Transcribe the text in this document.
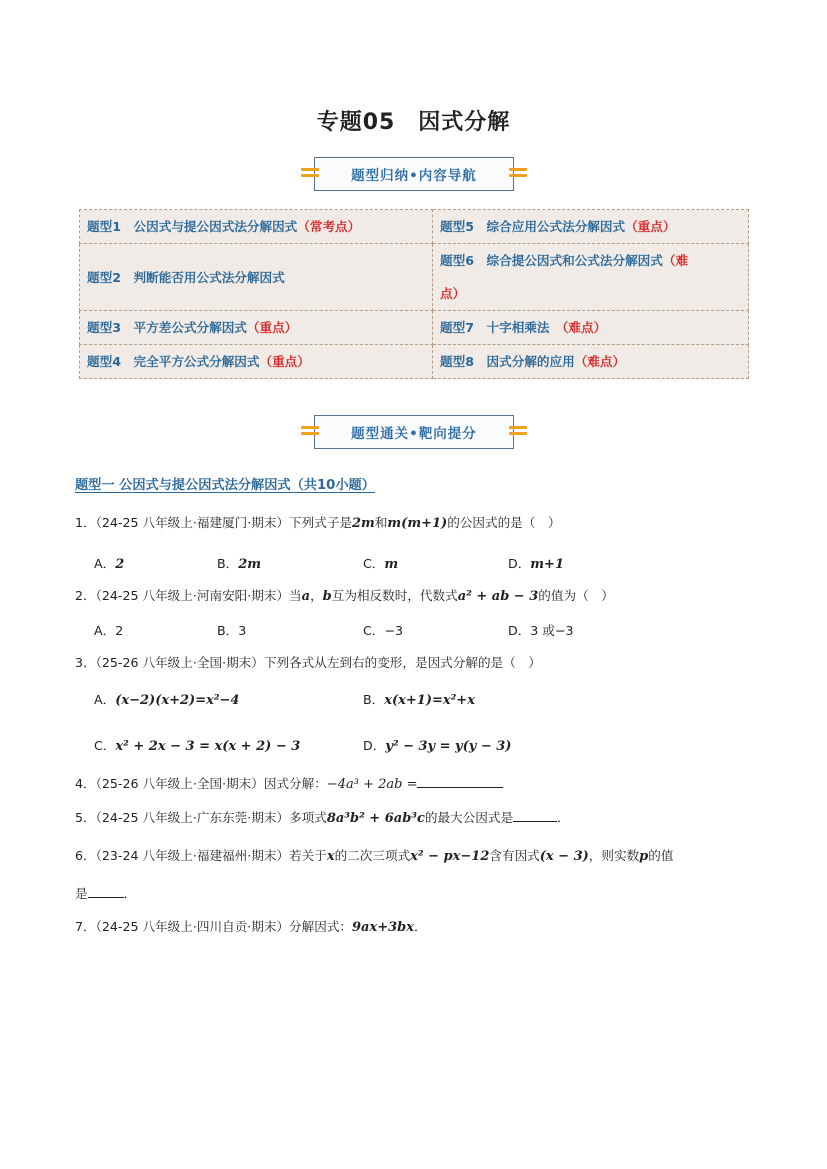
专题05　因式分解
题型归纳•内容导航
题型1　公因式与提公因式法分解因式（常考点）	题型5　综合应用公式法分解因式（重点）
题型2　判断能否用公式法分解因式	题型6　综合提公因式和公式法分解因式（难
点）

题型3　平方差公式分解因式（重点）	题型7　十字相乘法　（难点）
题型4　完全平方公式分解因式（重点）	题型8　因式分解的应用（难点）
题型通关•靶向提分
题型一 公因式与提公因式法分解因式（共10小题）
1．（24-25 八年级上·福建厦门·期末）下列式子是2m和m(m+1)的公因式的是（　）
A．2	B．2m	C．m	D．m+1
2．（24-25 八年级上·河南安阳·期末）当a，b互为相反数时，代数式a² + ab − 3的值为（　）
A．2	B．3	C．−3	D．3 或−3
3．（25-26 八年级上·全国·期末）下列各式从左到右的变形，是因式分解的是（　）
A．(x−2)(x+2)=x²−4	B．x(x+1)=x²+x
C．x² + 2x − 3 = x(x + 2) − 3	D．y² − 3y = y(y − 3)
4．（25-26 八年级上·全国·期末）因式分解：−4a³ + 2ab =
5．（24-25 八年级上·广东东莞·期末）多项式8a³b² + 6ab³c的最大公因式是	．
6．（23-24 八年级上·福建福州·期末）若关于x的二次三项式x² − px−12含有因式(x − 3)，则实数p的值
是	．
7．（24-25 八年级上·四川自贡·期末）分解因式：9ax+3bx．
